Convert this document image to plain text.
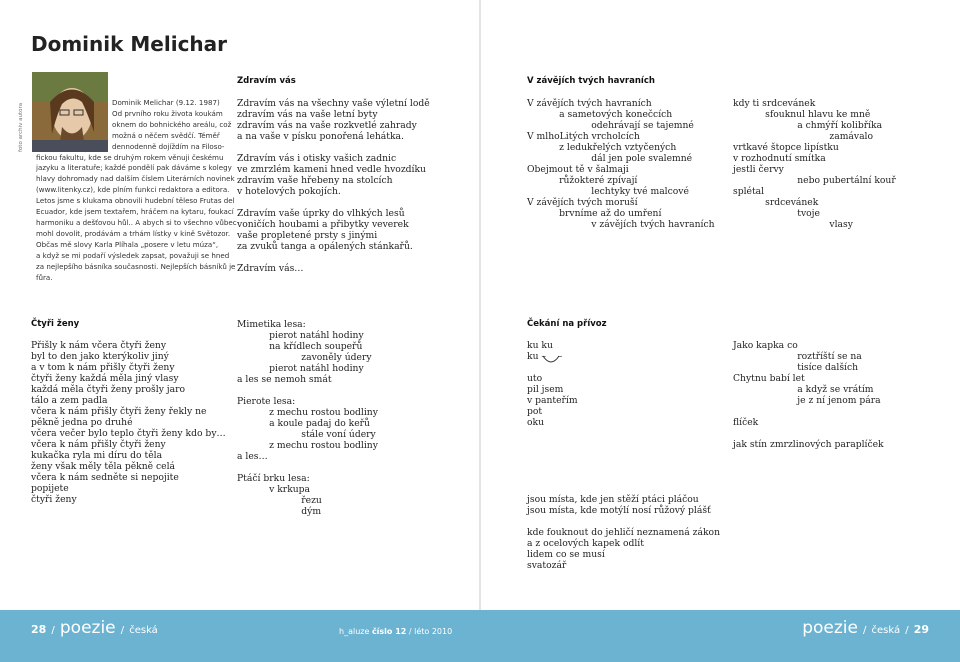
Dominik Melichar
foto archiv autora
Dominik Melichar (9.12. 1987)
Od prvního roku života koukám
oknem do bohnického areálu, což
možná o něčem svědčí. Téměř
dennodenně dojíždím na Filoso-
fickou fakultu, kde se druhým rokem věnuji českému
jazyku a literatuře; každé pondělí pak dáváme s kolegy
hlavy dohromady nad dalším číslem Literárních novinek
(www.litenky.cz), kde plním funkci redaktora a editora.
Letos jsme s klukama obnovili hudební těleso Frutas del
Ecuador, kde jsem textařem, hráčem na kytaru, foukací
harmoniku a dešťovou hůl.. A abych si to všechno vůbec
mohl dovolit, prodávám a trhám lístky v kině Světozor.
Občas mě slovy Karla Plíhala „posere v letu múza“,
a když se mi podaří výsledek zapsat, považuji se hned
za nejlepšího básníka současnosti. Nejlepších básníků je
fůra.
Zdravím vás
Zdravím vás na všechny vaše výletní lodě
zdravím vás na vaše letní byty
zdravím vás na vaše rozkvetlé zahrady
a na vaše v písku ponořená lehátka.

Zdravím vás i otisky vašich zadnic
ve zmrzlém kameni hned vedle hvozdíku
zdravím vaše hřebeny na stolcích
v hotelových pokojích.

Zdravím vaše úprky do vlhkých lesů
voničích houbami a přibytky veverek
vaše propletené prsty s jinými
za zvuků tanga a opálených stánkařů.

Zdravím vás…
Čtyři ženy
Přišly k nám včera čtyři ženy
byl to den jako kterýkoliv jiný
a v tom k nám přišly čtyři ženy
čtyři ženy každá měla jiný vlasy
každá měla čtyři ženy prošly jaro
tálo a zem padla
včera k nám přišly čtyři ženy řekly ne
pěkně jedna po druhé
včera večer bylo teplo čtyři ženy kdo by…
včera k nám přišly čtyři ženy
kukačka ryla mi díru do těla
ženy však měly těla pěkně celá
včera k nám sedněte si nepojite
popijete
čtyři ženy
Mimetika lesa:
pierot natáhl hodiny
na křídlech soupeřů
zavoněly údery
pierot natáhl hodiny
a les se nemoh smát

Pierote lesa:
z mechu rostou bodliny
a koule padaj do keřů
stále voní údery
z mechu rostou bodliny
a les…

Ptáčí brku lesa:
v krkupa
řezu
dým
V závějích tvých havraních
V závějích tvých havraních
a sametových konečcích
odehrávají se tajemné
V mlhoLitých vrcholcích
z ledukřelých vztyčených
dál jen pole svalemné
Obejmout tě v šalmaji
růžokteré zpívají
lechtyky tvé malcové
V závějích tvých moruší
brvníme až do umření
v závějích tvých havraních
kdy ti srdcevánek
sfouknul hlavu ke mně
a chmýří kolibříka
zamávalo
vrtkavé štopce lipístku
v rozhodnutí smítka
jestli červy
nebo pubertální kouř
splétal
srdcevánek
tvoje
vlasy
Čekání na přívoz
ku ku
ku –    –

uto
pil jsem
v panteřím
pot
oku
jsou místa, kde jen stěží ptáci pláčou
jsou místa, kde motýlí nosí růžový plášť

kde fouknout do jehličí neznamená zákon
a z ocelových kapek odlít
lidem co se musí
svatozář
Jako kapka co
roztříští se na
tisíce dalších
Chytnu babí let
a když se vrátím
je z ní jenom pára

flíček

jak stín zmrzlinových paraplíček
28 / poezie / česká	h_aluze číslo 12 / léto 2010	poezie / česká / 29
